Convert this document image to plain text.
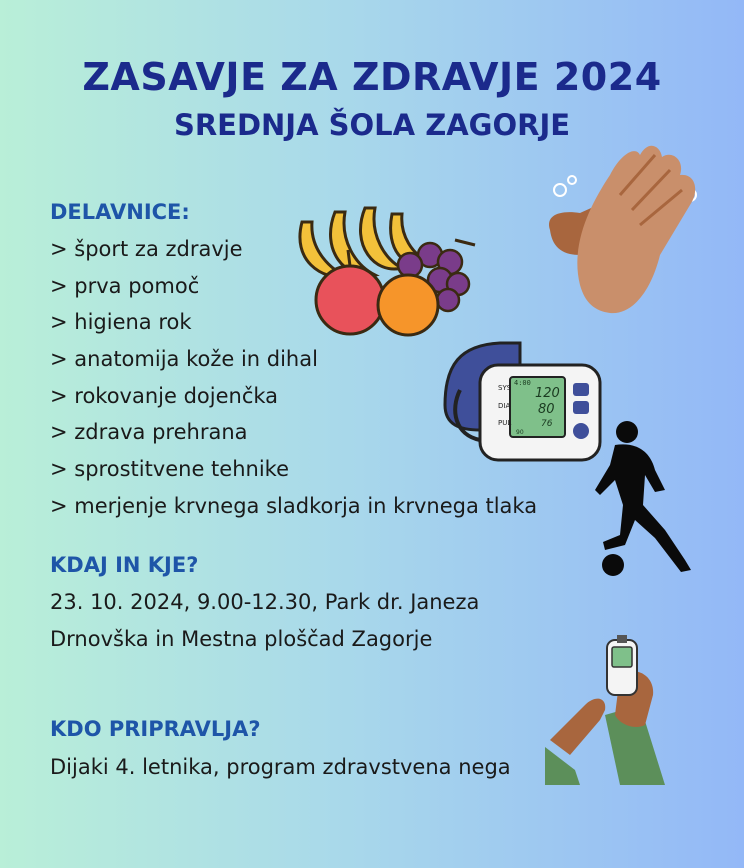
ZASAVJE ZA ZDRAVJE 2024
SREDNJA ŠOLA ZAGORJE
DELAVNICE:
> šport za zdravje
> prva pomoč
> higiena rok
> anatomija kože in dihal
> rokovanje dojenčka
> zdrava prehrana
> sprostitvene tehnike
> merjenje krvnega sladkorja in krvnega tlaka
KDAJ IN KJE?

23. 10. 2024, 9.00-12.30, Park dr. Janeza

Drnovška in Mestna ploščad Zagorje

KDO PRIPRAVLJA?

Dijaki 4. letnika, program zdravstvena nega

SYS
DIA
PUL
4:00
120
80
76
90
